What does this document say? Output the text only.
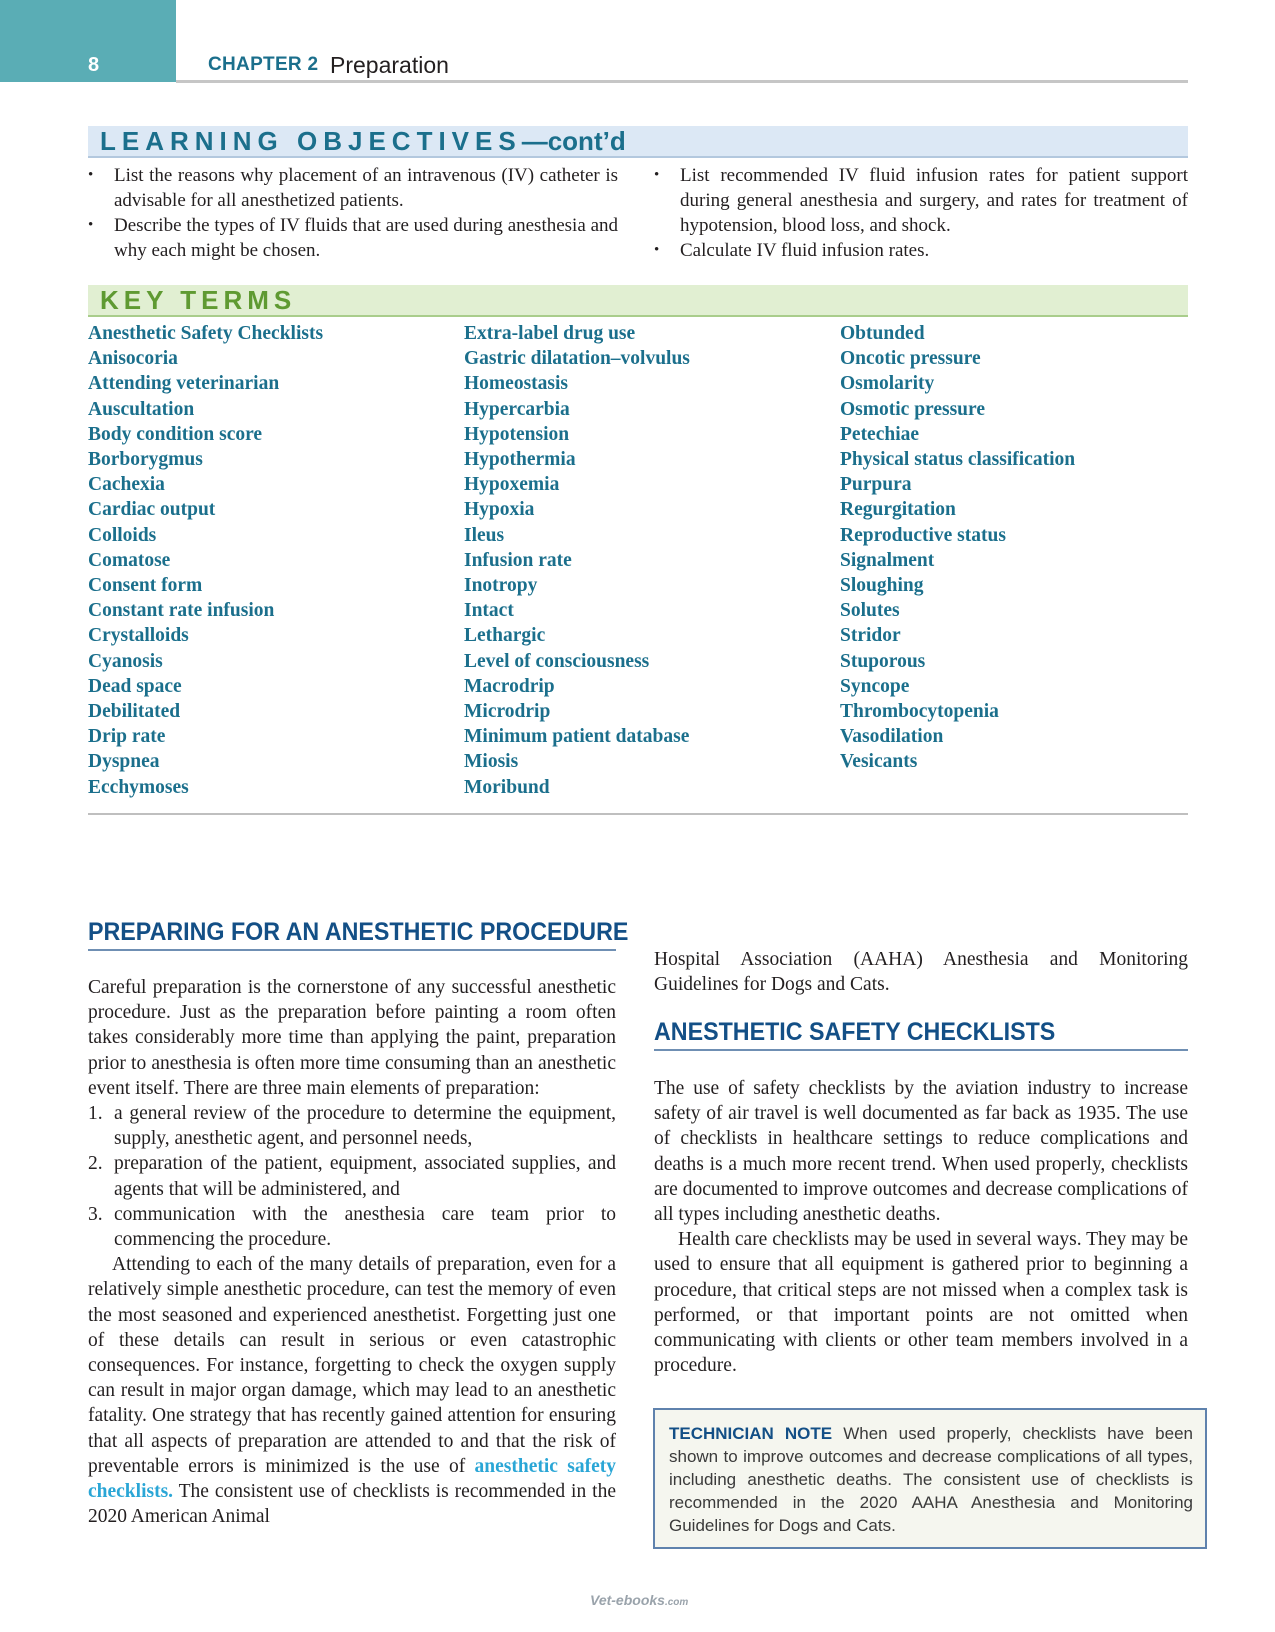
8	CHAPTER 2 Preparation
LEARNING OBJECTIVES—cont’d
• List the reasons why placement of an intravenous (IV) catheter is advisable for all anesthetized patients.
• Describe the types of IV fluids that are used during anesthesia and why each might be chosen.
• List recommended IV fluid infusion rates for patient support during general anesthesia and surgery, and rates for treatment of hypotension, blood loss, and shock.
• Calculate IV fluid infusion rates.
KEY TERMS
Anesthetic Safety Checklists
Anisocoria
Attending veterinarian
Auscultation
Body condition score
Borborygmus
Cachexia
Cardiac output
Colloids
Comatose
Consent form
Constant rate infusion
Crystalloids
Cyanosis
Dead space
Debilitated
Drip rate
Dyspnea
Ecchymoses
Extra-label drug use
Gastric dilatation–volvulus
Homeostasis
Hypercarbia
Hypotension
Hypothermia
Hypoxemia
Hypoxia
Ileus
Infusion rate
Inotropy
Intact
Lethargic
Level of consciousness
Macrodrip
Microdrip
Minimum patient database
Miosis
Moribund
Obtunded
Oncotic pressure
Osmolarity
Osmotic pressure
Petechiae
Physical status classification
Purpura
Regurgitation
Reproductive status
Signalment
Sloughing
Solutes
Stridor
Stuporous
Syncope
Thrombocytopenia
Vasodilation
Vesicants
PREPARING FOR AN ANESTHETIC PROCEDURE

Careful preparation is the cornerstone of any successful anesthetic procedure. Just as the preparation before painting a room often takes considerably more time than applying the paint, preparation prior to anesthesia is often more time consuming than an anesthetic event itself. There are three main elements of preparation:

1. a general review of the procedure to determine the equipment, supply, anesthetic agent, and personnel needs,
2. preparation of the patient, equipment, associated supplies, and agents that will be administered, and
3. communication with the anesthesia care team prior to commencing the procedure.

Attending to each of the many details of preparation, even for a relatively simple anesthetic procedure, can test the memory of even the most seasoned and experienced anesthetist. Forgetting just one of these details can result in serious or even catastrophic consequences. For instance, forgetting to check the oxygen supply can result in major organ damage, which may lead to an anesthetic fatality. One strategy that has recently gained attention for ensuring that all aspects of preparation are attended to and that the risk of preventable errors is minimized is the use of anesthetic safety checklists. The consistent use of checklists is recommended in the 2020 American Animal

Hospital Association (AAHA) Anesthesia and Monitoring Guidelines for Dogs and Cats.

ANESTHETIC SAFETY CHECKLISTS

The use of safety checklists by the aviation industry to increase safety of air travel is well documented as far back as 1935. The use of checklists in healthcare settings to reduce complications and deaths is a much more recent trend. When used properly, checklists are documented to improve outcomes and decrease complications of all types including anesthetic deaths.

Health care checklists may be used in several ways. They may be used to ensure that all equipment is gathered prior to beginning a procedure, that critical steps are not missed when a complex task is performed, or that important points are not omitted when communicating with clients or other team members involved in a procedure.

TECHNICIAN NOTE When used properly, checklists have been shown to improve outcomes and decrease complications of all types, including anesthetic deaths. The consistent use of checklists is recommended in the 2020 AAHA Anesthesia and Monitoring Guidelines for Dogs and Cats.
Vet-ebooks.com
